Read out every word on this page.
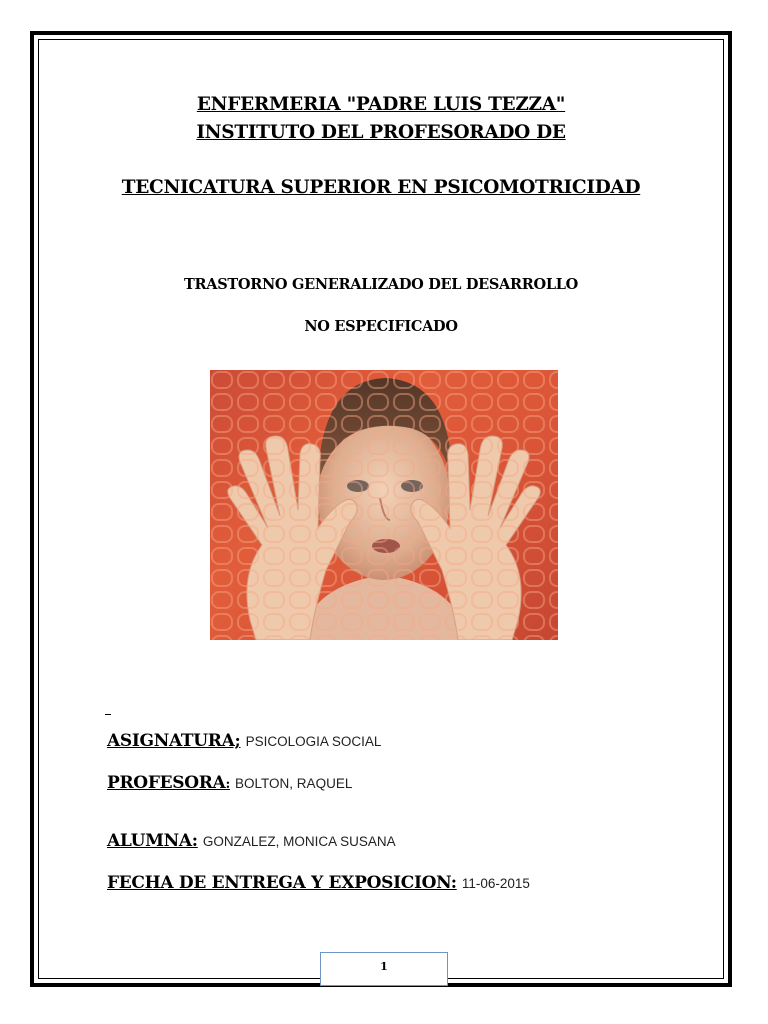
ENFERMERIA "PADRE LUIS TEZZA"
INSTITUTO DEL PROFESORADO DE
TECNICATURA SUPERIOR EN PSICOMOTRICIDAD
TRASTORNO GENERALIZADO DEL DESARROLLO
NO ESPECIFICADO
ASIGNATURA; PSICOLOGIA SOCIAL
PROFESORA: BOLTON, RAQUEL
ALUMNA: GONZALEZ, MONICA SUSANA
FECHA DE ENTREGA Y EXPOSICION: 11-06-2015
1
